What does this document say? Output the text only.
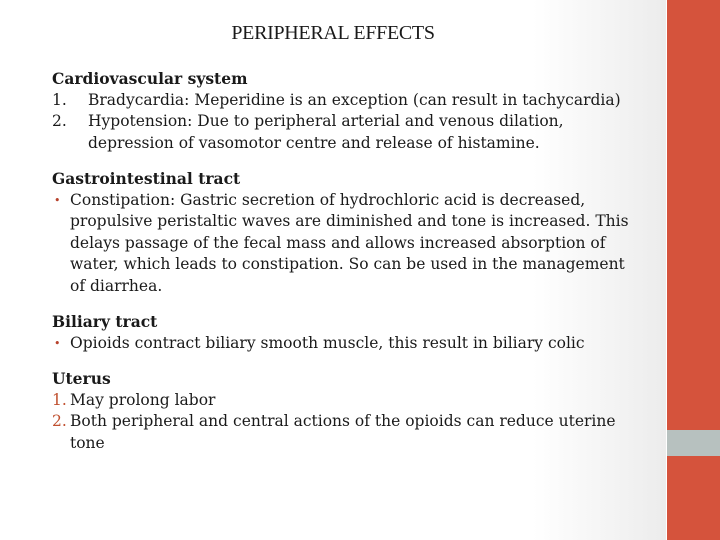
PERIPHERAL EFFECTS
Cardiovascular system
1.	Bradycardia: Meperidine is an exception (can result in tachycardia)
2.	Hypotension: Due to peripheral arterial and venous dilation, depression of vasomotor centre and release of histamine.
Gastrointestinal tract
• Constipation: Gastric secretion of hydrochloric acid is decreased, propulsive peristaltic waves are diminished and tone is increased. This delays passage of the fecal mass and allows increased absorption of water, which leads to constipation. So can be used in the management of diarrhea.
Biliary tract
• Opioids contract biliary smooth muscle, this result in biliary colic
Uterus
1. May prolong labor
2. Both peripheral and central actions of the opioids can reduce uterine tone
